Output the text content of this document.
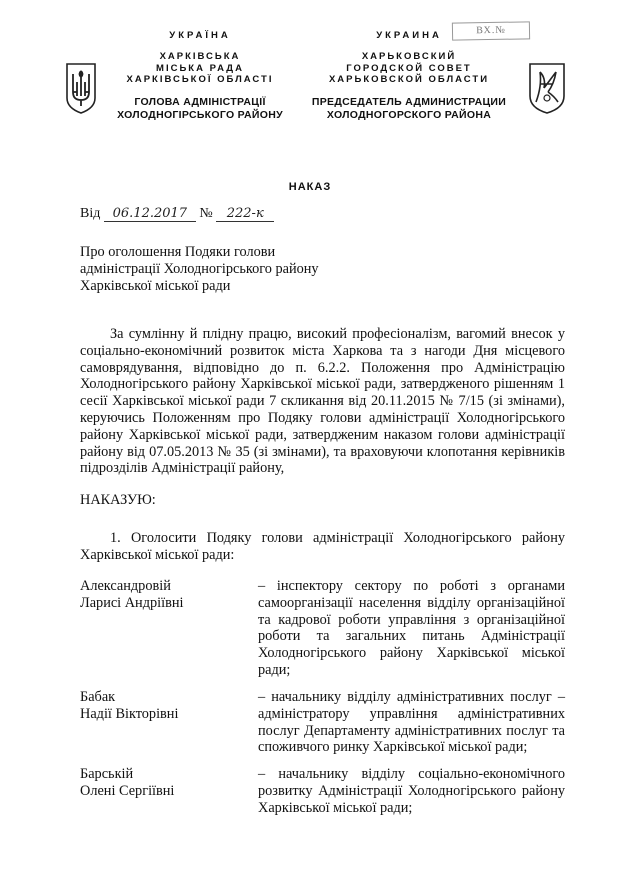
ВХ.№
УКРАЇНА
ХАРКІВСЬКА
МІСЬКА РАДА
ХАРКІВСЬКОЇ ОБЛАСТІ
ГОЛОВА АДМІНІСТРАЦІЇ
ХОЛОДНОГІРСЬКОГО РАЙОНУ
УКРАИНА
ХАРЬКОВСКИЙ
ГОРОДСКОЙ СОВЕТ
ХАРЬКОВСКОЙ ОБЛАСТИ
ПРЕДСЕДАТЕЛЬ АДМИНИСТРАЦИИ
ХОЛОДНОГОРСКОГО РАЙОНА
НАКАЗ
Від 06.12.2017 № 222-к
Про оголошення Подяки голови
адміністрації Холодногірського району
Харківської міської ради
За сумлінну й плідну працю, високий професіоналізм, вагомий внесок у соціально-економічний розвиток міста Харкова та з нагоди Дня місцевого самоврядування, відповідно до п. 6.2.2. Положення про Адміністрацію Холодногірського району Харківської міської ради, затвердженого рішенням 1 сесії Харківської міської ради 7 скликання від 20.11.2015 № 7/15 (зі змінами), керуючись Положенням про Подяку голови адміністрації Холодногірського району Харківської міської ради, затвердженим наказом голови адміністрації району від 07.05.2013 № 35 (зі змінами), та враховуючи клопотання керівників підрозділів Адміністрації району,
НАКАЗУЮ:
1. Оголосити Подяку голови адміністрації Холодногірського району Харківської міської ради:
Александровій
Ларисі Андріївні
– інспектору сектору по роботі з органами самоорганізації населення відділу організаційної та кадрової роботи управління з організаційної роботи та загальних питань Адміністрації Холодногірського району Харківської міської ради;
Бабак
Надії Вікторівні
– начальнику відділу адміністративних послуг – адміністратору управління адміністративних послуг Департаменту адміністративних послуг та споживчого ринку Харківської міської ради;
Барській
Олені Сергіївні
– начальнику відділу соціально-економічного розвитку Адміністрації Холодногірського району Харківської міської ради;
